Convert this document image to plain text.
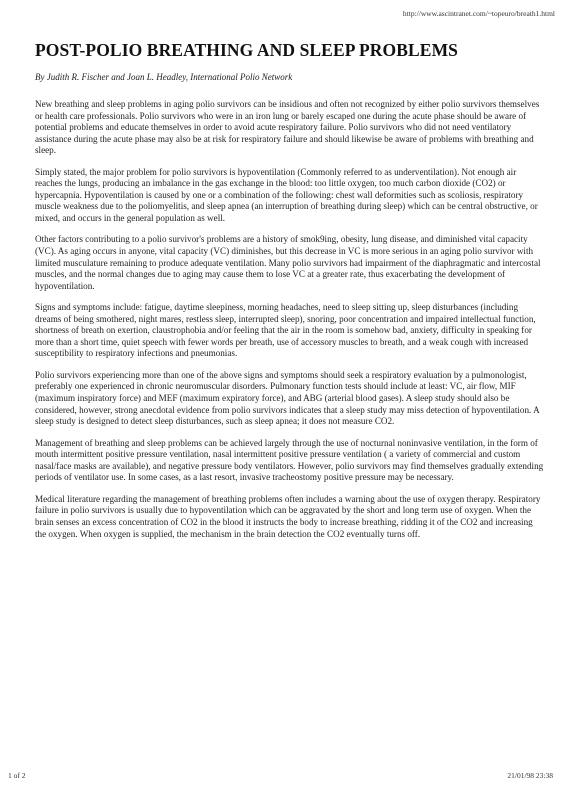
http://www.ascintranet.com/~topeuro/breath1.html
POST-POLIO BREATHING AND SLEEP PROBLEMS

By Judith R. Fischer and Joan L. Headley, International Polio Network

New breathing and sleep problems in aging polio survivors can be insidious and often not recognized by either polio survivors themselves or health care professionals. Polio survivors who were in an iron lung or barely escaped one during the acute phase should be aware of potential problems and educate themselves in order to avoid acute respiratory failure. Polio survivors who did not need ventilatory assistance during the acute phase may also be at risk for respiratory failure and should likewise be aware of problems with breathing and sleep.

Simply stated, the major problem for polio survivors is hypoventilation (Commonly referred to as underventilation). Not enough air reaches the lungs, producing an imbalance in the gas exchange in the blood: too little oxygen, too much carbon dioxide (CO2) or hypercapnia. Hypoventilation is caused by one or a combination of the following: chest wall deformities such as scoliosis, respiratory muscle weakness due to the poliomyelitis, and sleep apnea (an interruption of breathing during sleep) which can be central obstructive, or mixed, and occurs in the general population as well.

Other factors contributing to a polio survivor's problems are a history of smok9ing, obesity, lung disease, and diminished vital capacity (VC). As aging occurs in anyone, vital capacity (VC) diminishes, but this decrease in VC is more serious in an aging polio survivor with limited musculature remaining to produce adequate ventilation. Many polio survivors had impairment of the diaphragmatic and intercostal muscles, and the normal changes due to aging may cause them to lose VC at a greater rate, thus exacerbating the development of hypoventilation.

Signs and symptoms include: fatigue, daytime sleepiness, morning headaches, need to sleep sitting up, sleep disturbances (including dreams of being smothered, night mares, restless sleep, interrupted sleep), snoring, poor concentration and impaired intellectual function, shortness of breath on exertion, claustrophobia and/or feeling that the air in the room is somehow bad, anxiety, difficulty in speaking for more than a short time, quiet speech with fewer words per breath, use of accessory muscles to breath, and a weak cough with increased susceptibility to respiratory infections and pneumonias.

Polio survivors experiencing more than one of the above signs and symptoms should seek a respiratory evaluation by a pulmonologist, preferably one experienced in chronic neuromuscular disorders. Pulmonary function tests should include at least: VC, air flow, MIF (maximum inspiratory force) and MEF (maximum expiratory force), and ABG (arterial blood gases). A sleep study should also be considered, however, strong anecdotal evidence from polio survivors indicates that a sleep study may miss detection of hypoventilation. A sleep study is designed to detect sleep disturbances, such as sleep apnea; it does not measure CO2.

Management of breathing and sleep problems can be achieved largely through the use of nocturnal noninvasive ventilation, in the form of mouth intermittent positive pressure ventilation, nasal intermittent positive pressure ventilation ( a variety of commercial and custom nasal/face masks are available), and negative pressure body ventilators. However, polio survivors may find themselves gradually extending periods of ventilator use. In some cases, as a last resort, invasive tracheostomy positive pressure may be necessary.

Medical literature regarding the management of breathing problems often includes a warning about the use of oxygen therapy. Respiratory failure in polio survivors is usually due to hypoventilation which can be aggravated by the short and long term use of oxygen. When the brain senses an excess concentration of CO2 in the blood it instructs the body to increase breathing, ridding it of the CO2 and increasing the oxygen. When oxygen is supplied, the mechanism in the brain detection the CO2 eventually turns off.

1 of 2	21/01/98 23:38
